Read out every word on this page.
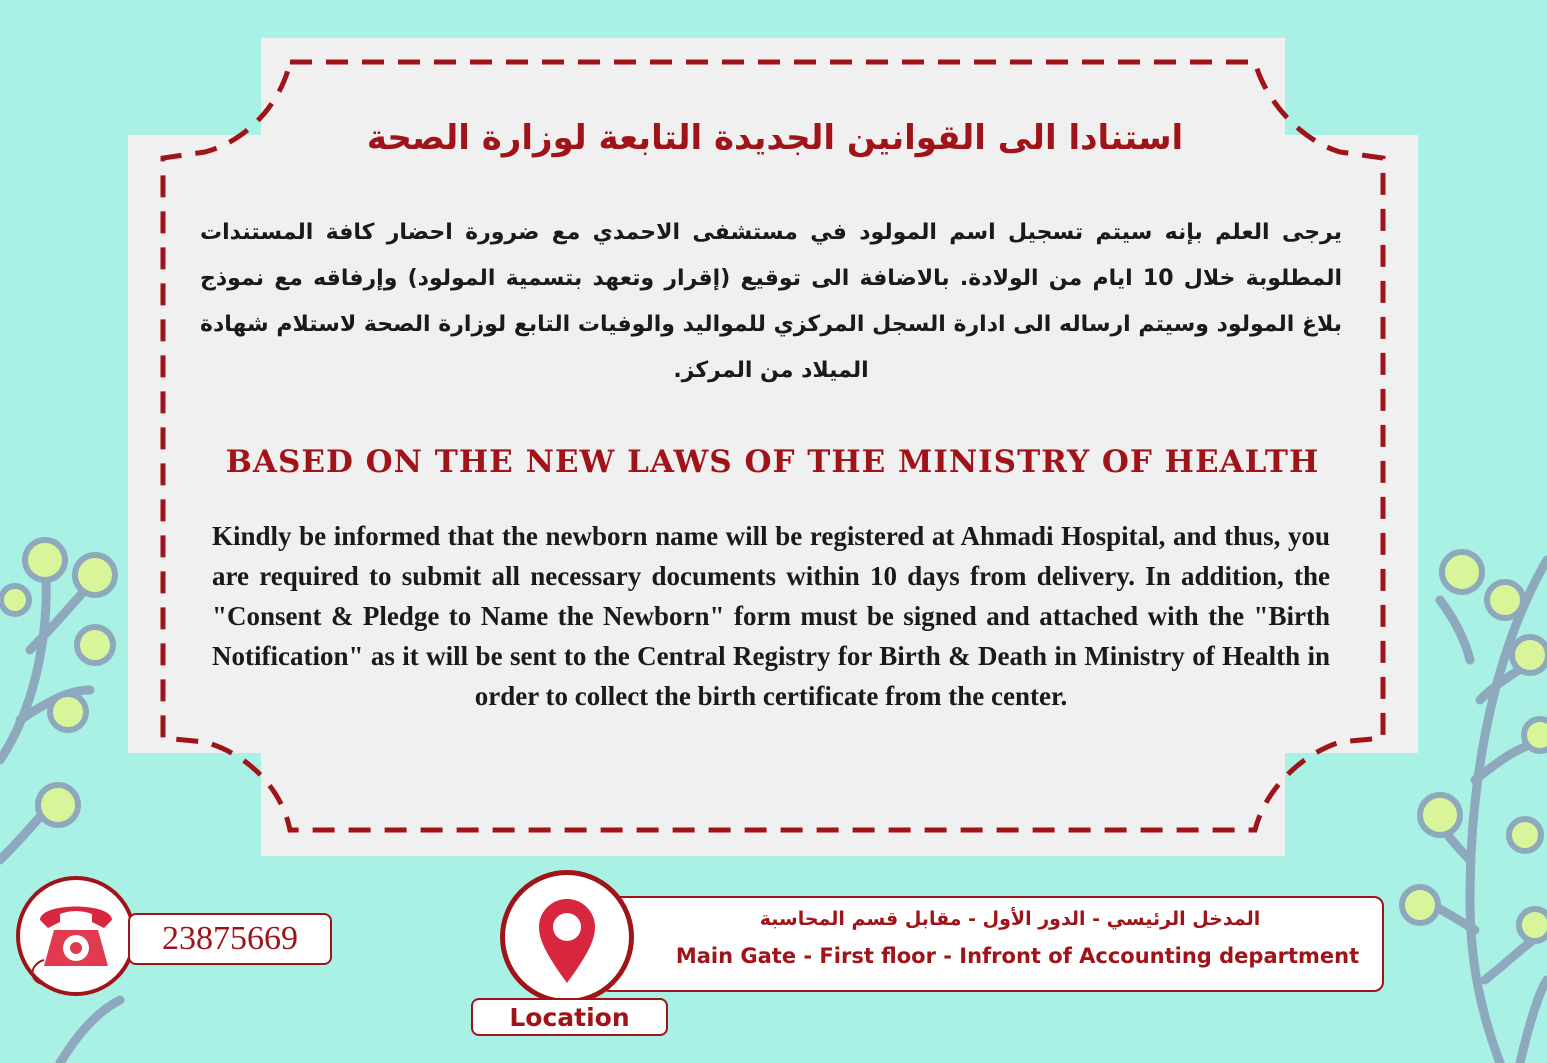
استنادا الى القوانين الجديدة التابعة لوزارة الصحة
يرجى العلم بإنه سيتم تسجيل اسم المولود في مستشفى الاحمدي مع ضرورة احضار كافة المستندات المطلوبة خلال 10 ايام من الولادة. بالاضافة الى توقيع (إقرار وتعهد بتسمية المولود) وإرفاقه مع نموذج بلاغ المولود وسيتم ارساله الى ادارة السجل المركزي للمواليد والوفيات التابع لوزارة الصحة لاستلام شهادة الميلاد من المركز.
BASED ON THE NEW LAWS OF THE MINISTRY OF HEALTH
Kindly be informed that the newborn name will be registered at Ahmadi Hospital, and thus, you are required to submit all necessary documents within 10 days from delivery. In addition, the "Consent & Pledge to Name the Newborn" form must be signed and attached with the "Birth Notification" as it will be sent to the Central Registry for Birth & Death in Ministry of Health in order to collect the birth certificate from the center.
23875669
المدخل الرئيسي - الدور الأول - مقابل قسم المحاسبة
Main Gate - First floor - Infront of Accounting department
Location
